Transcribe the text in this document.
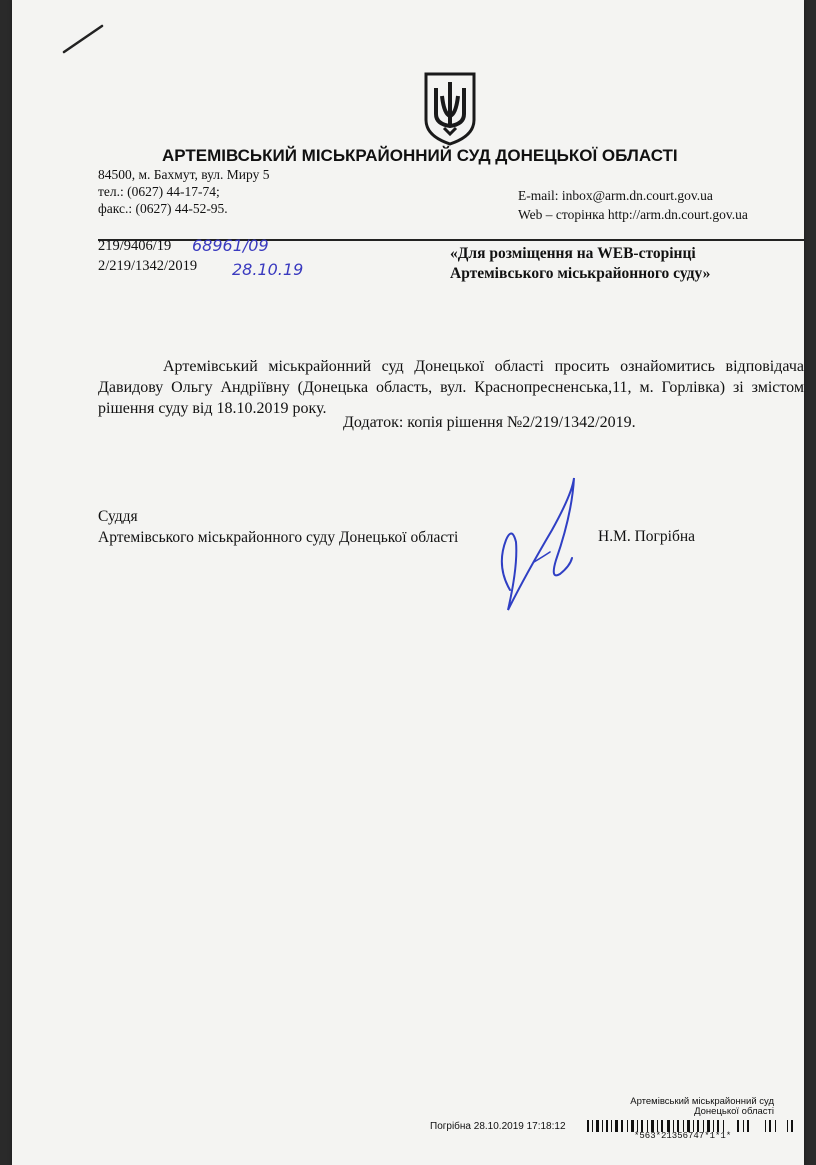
АРТЕМІВСЬКИЙ МІСЬКРАЙОННИЙ СУД ДОНЕЦЬКОЇ ОБЛАСТІ
84500, м. Бахмут, вул. Миру 5
тел.: (0627) 44-17-74;
факс.: (0627) 44-52-95.
E-mail: inbox@arm.dn.court.gov.ua
Web – сторінка http://arm.dn.court.gov.ua
219/9406/19
2/219/1342/2019
68961/09
28.10.19
«Для розміщення на WEB-сторінці
Артемівського міськрайонного суду»

Артемівський міськрайонний суд Донецької області просить ознайомитись відповідача Давидову Ольгу Андріївну (Донецька область, вул. Краснопресненська,11, м. Горлівка) зі змістом рішення суду від 18.10.2019 року.

Додаток: копія рішення №2/219/1342/2019.
Суддя
Артемівського міськрайонного суду Донецької області	Н.М. Погрібна
Артемівський міськрайонний суд
Донецької області
Погрібна 28.10.2019 17:18:12
*563*21356747*1*1*
